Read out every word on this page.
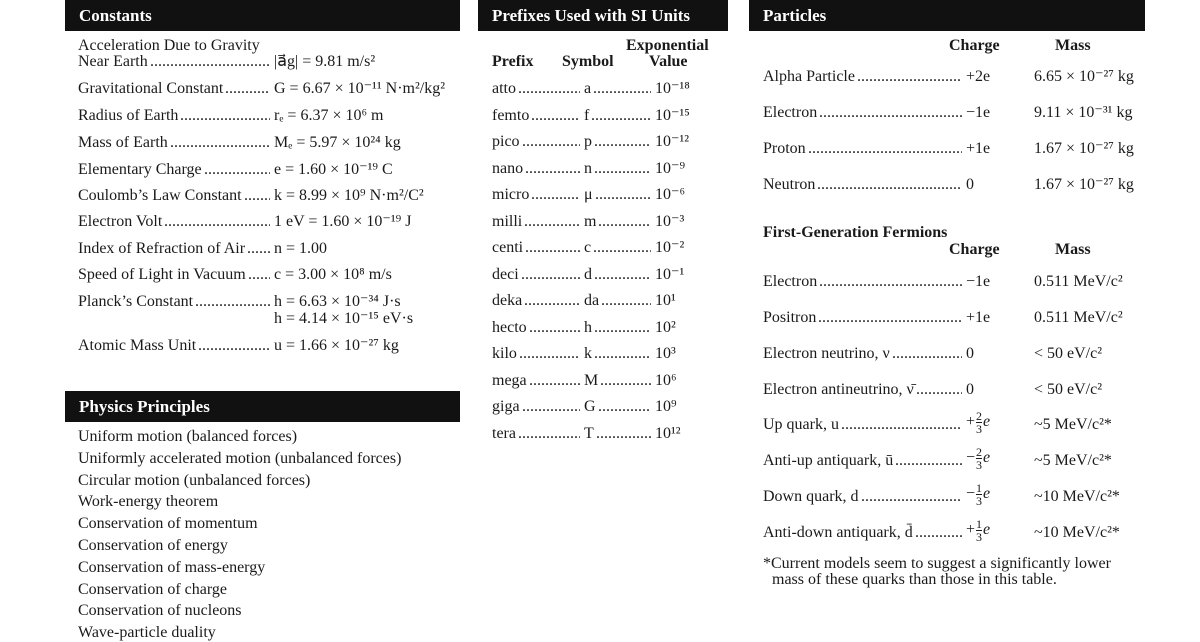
Constants
Acceleration Due to Gravity
Near Earth .....	|a⃗g| = 9.81 m/s²
Gravitational Constant .....	G = 6.67 × 10⁻¹¹ N·m²/kg²
Radius of Earth .....	rₑ = 6.37 × 10⁶ m
Mass of Earth .....	Mₑ = 5.97 × 10²⁴ kg
Elementary Charge .....	e = 1.60 × 10⁻¹⁹ C
Coulomb’s Law Constant ..... k = 8.99 × 10⁹ N·m²/C²
Electron Volt .....	1 eV = 1.60 × 10⁻¹⁹ J
Index of Refraction of Air ..... n = 1.00
Speed of Light in Vacuum ..... c = 3.00 × 10⁸ m/s
Planck’s Constant .....	h = 6.63 × 10⁻³⁴ J·s
h = 4.14 × 10⁻¹⁵ eV·s
Atomic Mass Unit .....	u = 1.66 × 10⁻²⁷ kg
Physics Principles
Uniform motion (balanced forces)
Uniformly accelerated motion (unbalanced forces)
Circular motion (unbalanced forces)
Work-energy theorem
Conservation of momentum
Conservation of energy
Conservation of mass-energy
Conservation of charge
Conservation of nucleons
Wave-particle duality
Prefixes Used with SI Units
Exponential
Prefix Symbol Value
atto .....	a .....	10⁻¹⁸
femto .....	f .....	10⁻¹⁵
pico .....	p .....	10⁻¹²
nano .....	n .....	10⁻⁹
micro .....	μ .....	10⁻⁶
milli .....	m .....	10⁻³
centi .....	c .....	10⁻²
deci .....	d .....	10⁻¹
deka .....	da .....	10¹
hecto .....	h .....	10²
kilo .....	k .....	10³
mega .....	M .....	10⁶
giga .....	G .....	10⁹
tera .....	T .....	10¹²
Particles
Charge	Mass
Alpha Particle .....	+2e	6.65 × 10⁻²⁷ kg
Electron .....	−1e	9.11 × 10⁻³¹ kg
Proton .....	+1e	1.67 × 10⁻²⁷ kg
Neutron .....	0	1.67 × 10⁻²⁷ kg
First-Generation Fermions
Charge	Mass
Electron .....	−1e	0.511 MeV/c²
Positron .....	+1e	0.511 MeV/c²
Electron neutrino, ν .....	0	< 50 eV/c²
Electron antineutrino, ν̄ .....	0	< 50 eV/c²
Up quark, u .....	+ $\frac{2}{3}$ e	~5 MeV/c²*
Anti-up antiquark, ū .....	− $\frac{2}{3}$ e	~5 MeV/c²*
Down quark, d .....	− $\frac{1}{3}$ e	~10 MeV/c²*
Anti-down antiquark, d̄ .....	+ $\frac{1}{3}$ e	~10 MeV/c²*
*Current models seem to suggest a significantly lower
mass of these quarks than those in this table.
